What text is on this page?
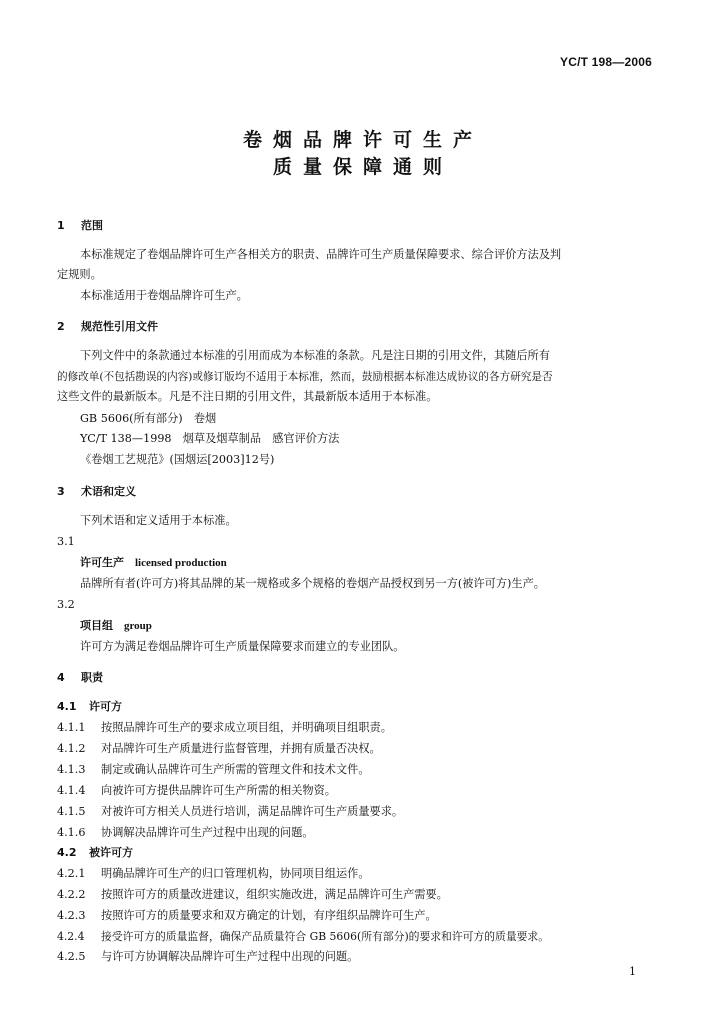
YC/T 198—2006
卷烟品牌许可生产
质量保障通则
1 范围
本标准规定了卷烟品牌许可生产各相关方的职责、品牌许可生产质量保障要求、综合评价方法及判
定规则。
本标准适用于卷烟品牌许可生产。
2 规范性引用文件
下列文件中的条款通过本标准的引用而成为本标准的条款。凡是注日期的引用文件，其随后所有
的修改单(不包括勘误的内容)或修订版均不适用于本标准，然而，鼓励根据本标准达成协议的各方研究是否
这些文件的最新版本。凡是不注日期的引用文件，其最新版本适用于本标准。
GB 5606(所有部分)　卷烟
YC/T 138—1998　烟草及烟草制品　感官评价方法
《卷烟工艺规范》(国烟运[2003]12号)
3 术语和定义
下列术语和定义适用于本标准。
3.1
许可生产　 licensed production
品牌所有者(许可方)将其品牌的某一规格或多个规格的卷烟产品授权到另一方(被许可方)生产。
3.2
项目组　 group
许可方为满足卷烟品牌许可生产质量保障要求而建立的专业团队。
4 职责
4.1 许可方
4.1.1 按照品牌许可生产的要求成立项目组，并明确项目组职责。
4.1.2 对品牌许可生产质量进行监督管理，并拥有质量否决权。
4.1.3 制定或确认品牌许可生产所需的管理文件和技术文件。
4.1.4 向被许可方提供品牌许可生产所需的相关物资。
4.1.5 对被许可方相关人员进行培训，满足品牌许可生产质量要求。
4.1.6 协调解决品牌许可生产过程中出现的问题。
4.2 被许可方
4.2.1 明确品牌许可生产的归口管理机构，协同项目组运作。
4.2.2 按照许可方的质量改进建议，组织实施改进，满足品牌许可生产需要。
4.2.3 按照许可方的质量要求和双方确定的计划，有序组织品牌许可生产。
4.2.4 接受许可方的质量监督，确保产品质量符合 GB 5606(所有部分)的要求和许可方的质量要求。
4.2.5 与许可方协调解决品牌许可生产过程中出现的问题。
1
